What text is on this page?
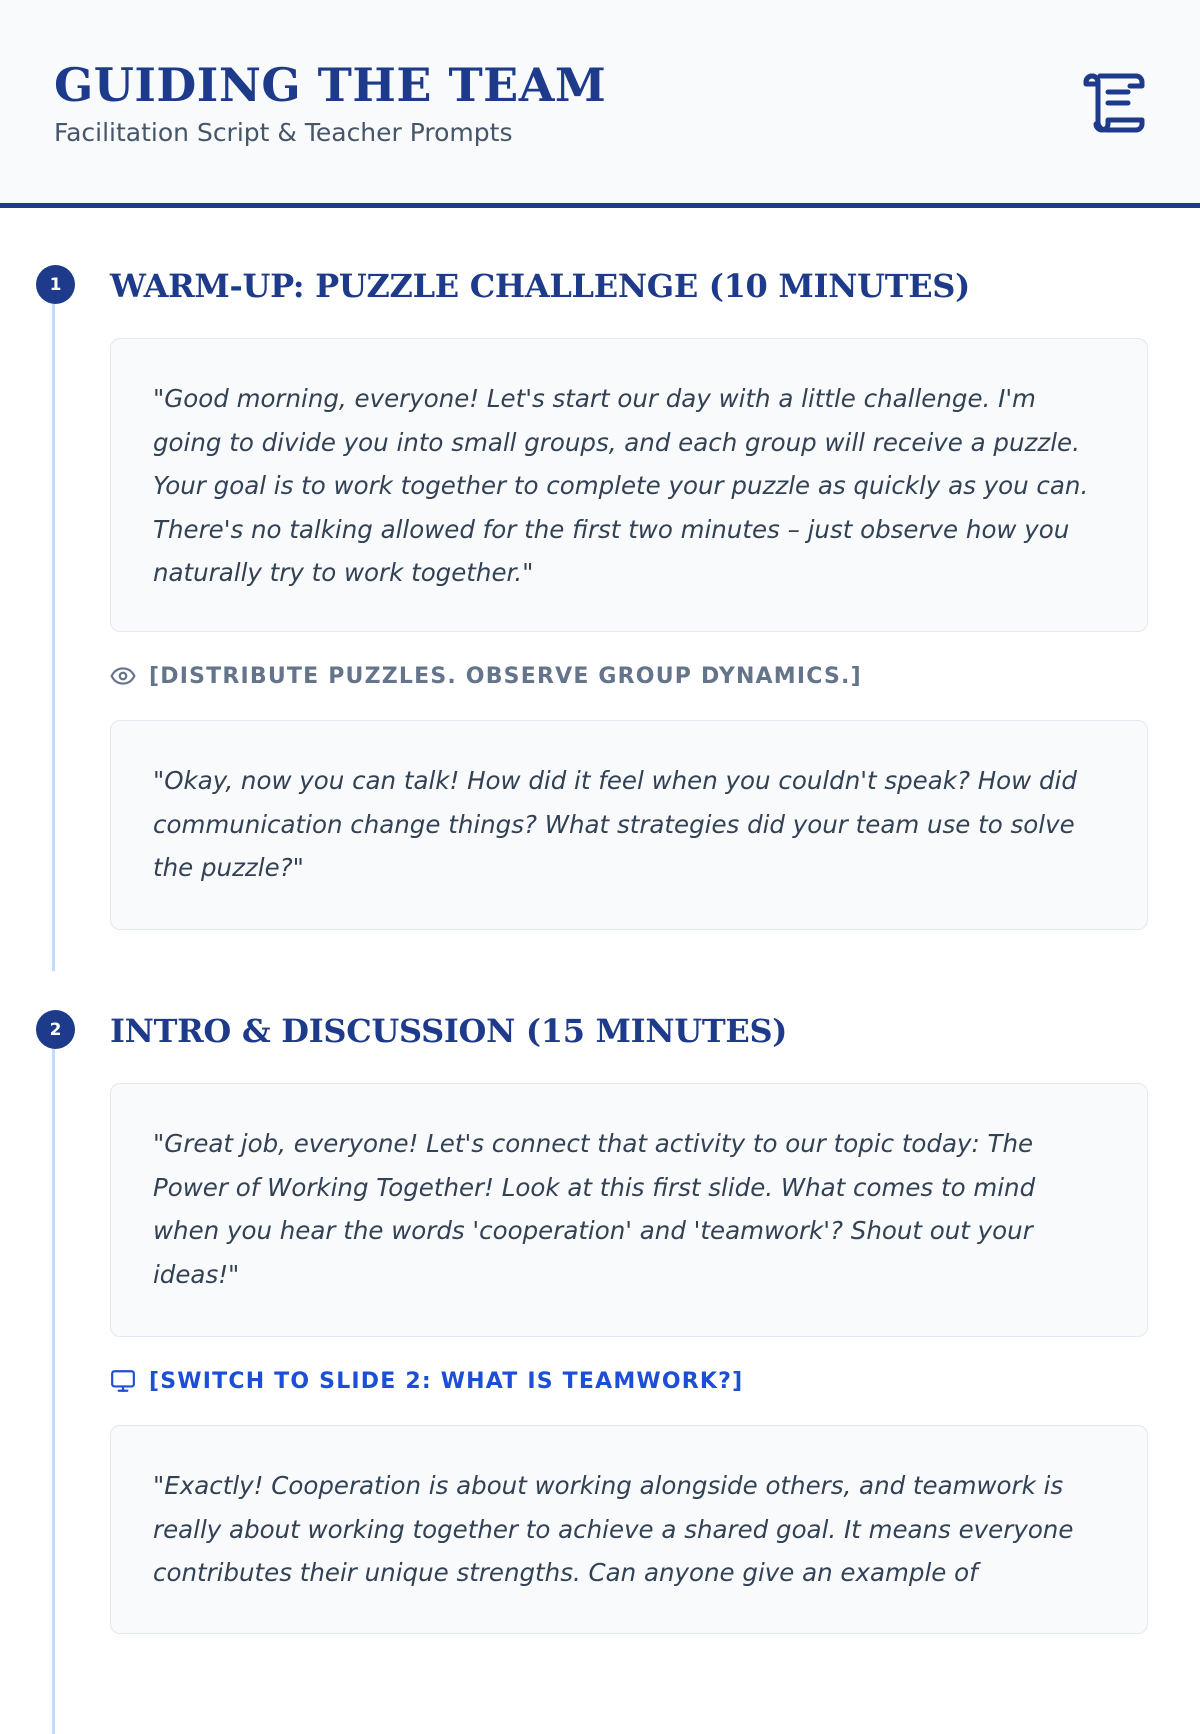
GUIDING THE TEAM
Facilitation Script & Teacher Prompts
1	WARM-UP: PUZZLE CHALLENGE (10 MINUTES)
"Good morning, everyone! Let's start our day with a little challenge. I'm going to divide you into small groups, and each group will receive a puzzle. Your goal is to work together to complete your puzzle as quickly as you can. There's no talking allowed for the first two minutes – just observe how you naturally try to work together."
[DISTRIBUTE PUZZLES. OBSERVE GROUP DYNAMICS.]
"Okay, now you can talk! How did it feel when you couldn't speak? How did communication change things? What strategies did your team use to solve the puzzle?"
2	INTRO & DISCUSSION (15 MINUTES)
"Great job, everyone! Let's connect that activity to our topic today: The Power of Working Together! Look at this first slide. What comes to mind when you hear the words 'cooperation' and 'teamwork'? Shout out your ideas!"
[SWITCH TO SLIDE 2: WHAT IS TEAMWORK?]
"Exactly! Cooperation is about working alongside others, and teamwork is really about working together to achieve a shared goal. It means everyone contributes their unique strengths. Can anyone give an example of
